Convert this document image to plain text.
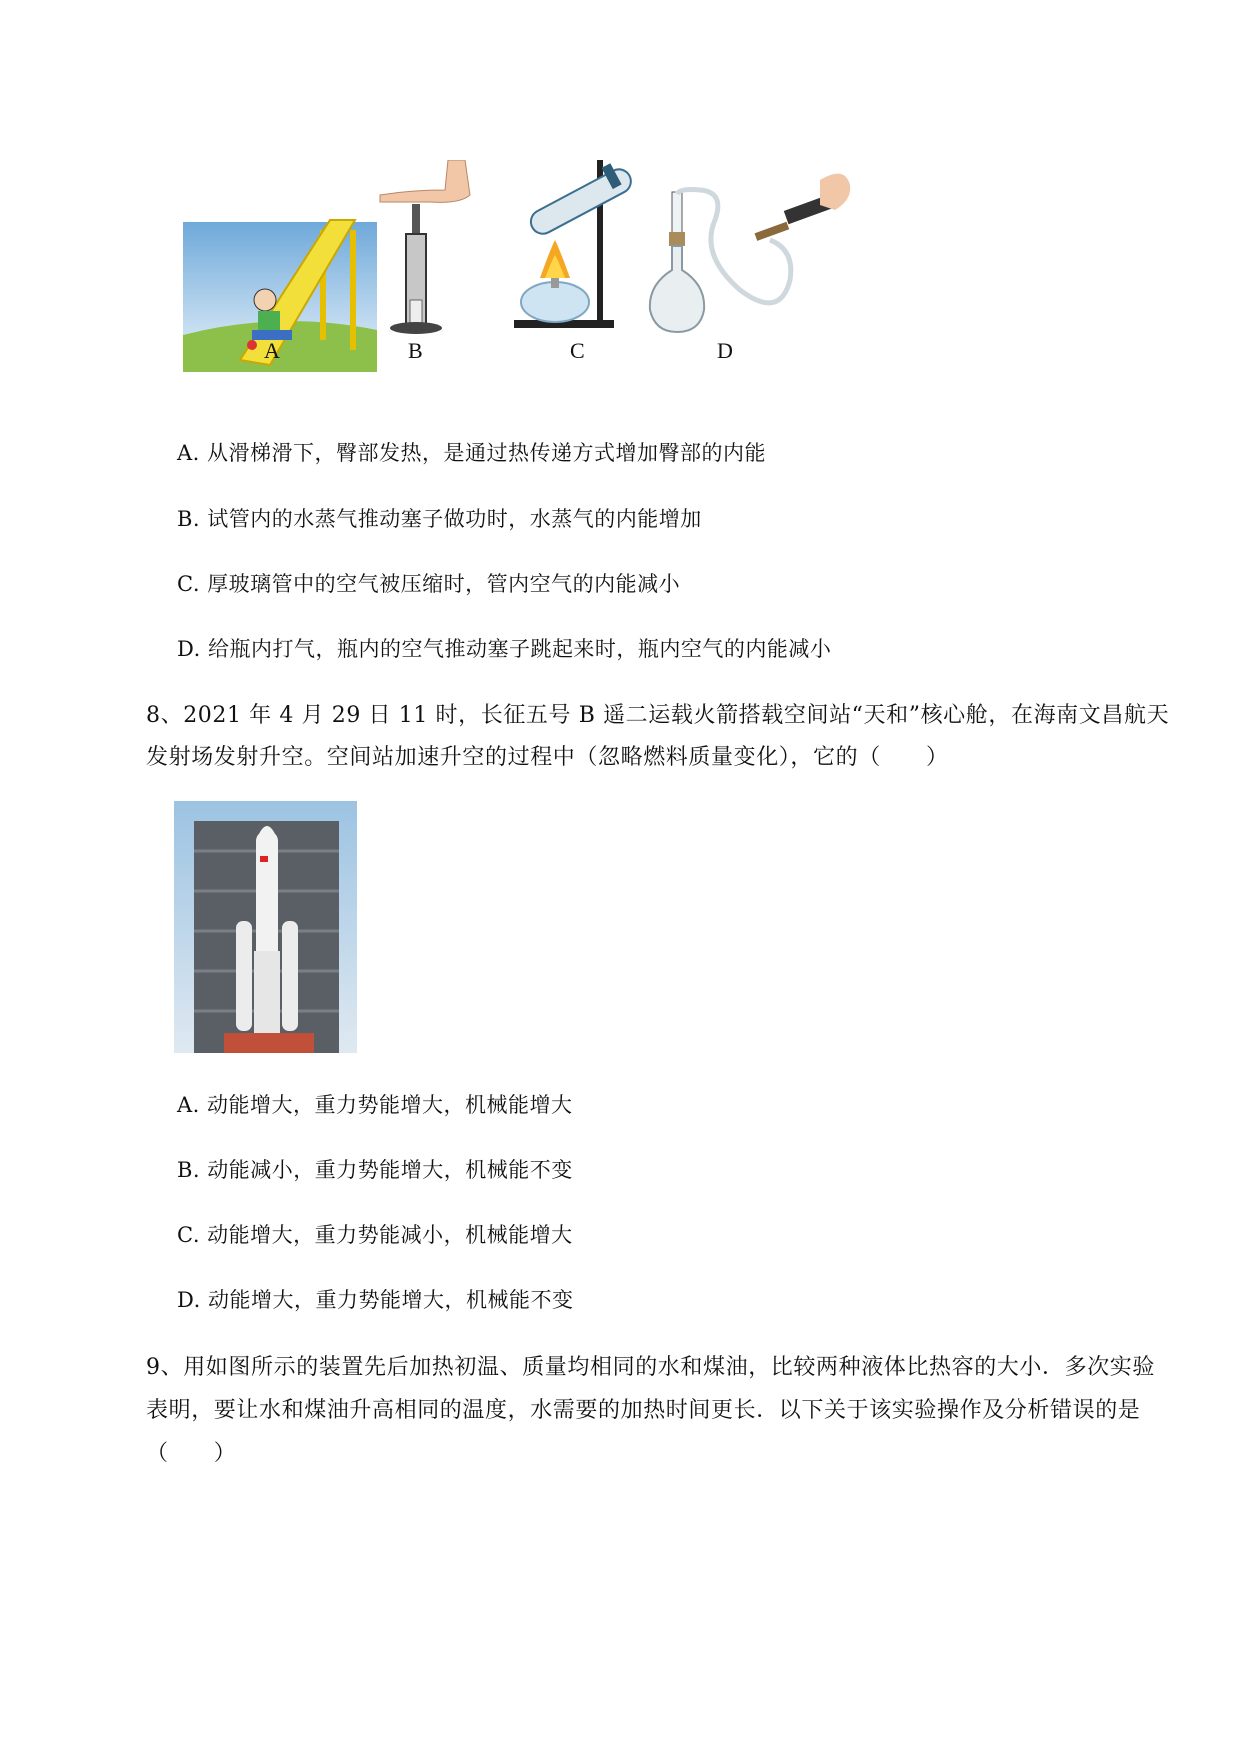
A	B	C	D
A. 从滑梯滑下，臀部发热，是通过热传递方式增加臀部的内能
B. 试管内的水蒸气推动塞子做功时，水蒸气的内能增加
C. 厚玻璃管中的空气被压缩时，管内空气的内能减小
D. 给瓶内打气，瓶内的空气推动塞子跳起来时，瓶内空气的内能减小
8、2021 年 4 月 29 日 11 时，长征五号 B 遥二运载火箭搭载空间站“天和”核心舱，在海南文昌航天
发射场发射升空。空间站加速升空的过程中（忽略燃料质量变化），它的（　　）
A. 动能增大，重力势能增大，机械能增大
B. 动能减小，重力势能增大，机械能不变
C. 动能增大，重力势能减小，机械能增大
D. 动能增大，重力势能增大，机械能不变
9、用如图所示的装置先后加热初温、质量均相同的水和煤油，比较两种液体比热容的大小．多次实验
表明，要让水和煤油升高相同的温度，水需要的加热时间更长．以下关于该实验操作及分析错误的是
（　　）
